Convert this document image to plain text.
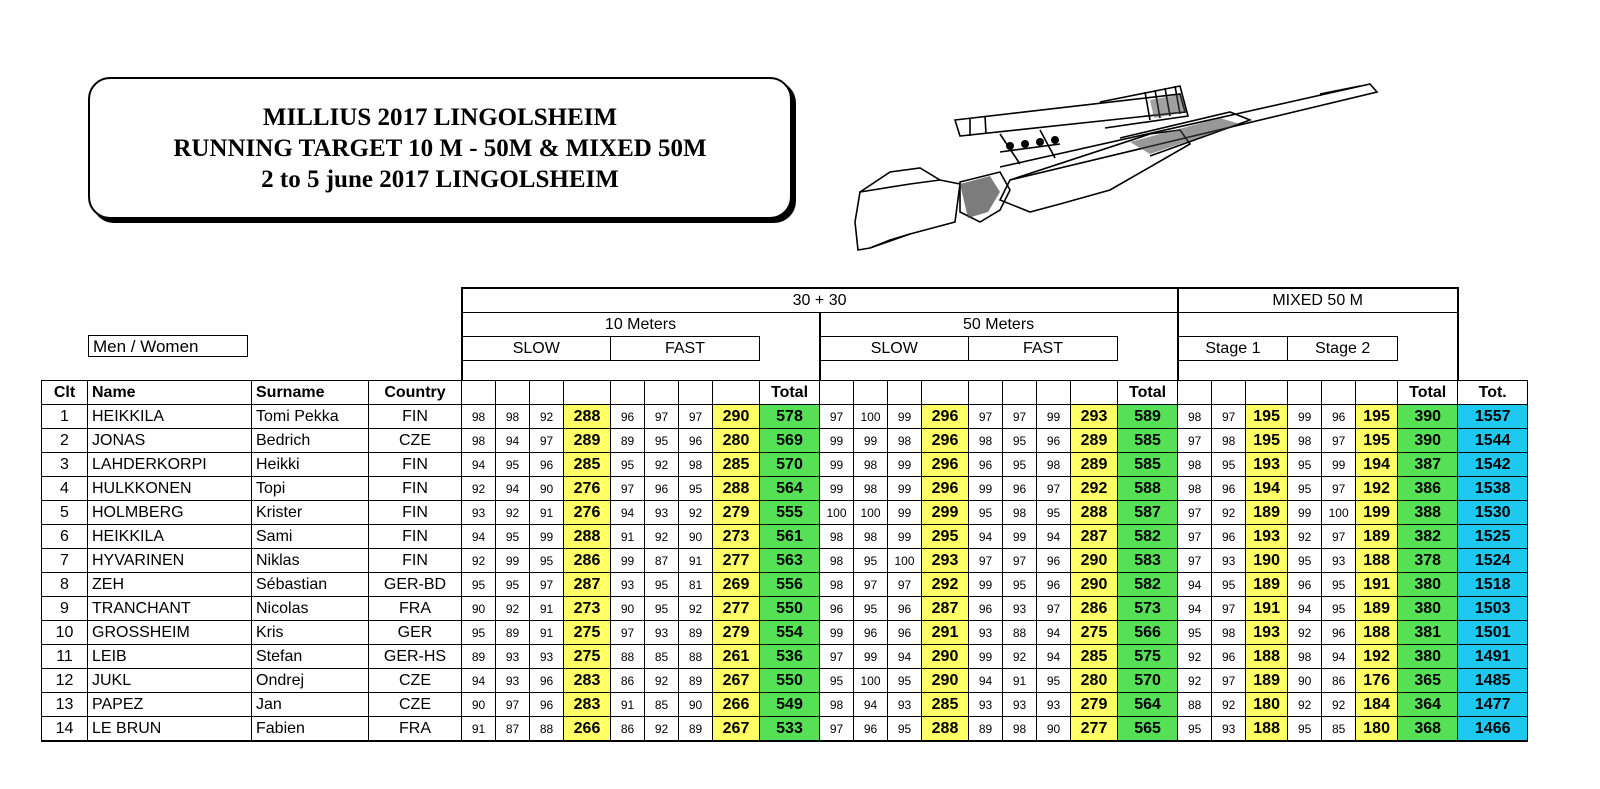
MILLIUS 2017 LINGOLSHEIM
RUNNING TARGET 10 M - 50M & MIXED 50M
2 to 5 june 2017 LINGOLSHEIM
Men / Women
				30 + 30																		MIXED 50 M							
				10 Meters									50 Meters																
				SLOW				FAST					SLOW				FAST					Stage 1			Stage 2				

Clt	Name	Surname	Country									Total									Total							Total	Tot.
1	HEIKKILA	Tomi Pekka	FIN	98	98	92	288	96	97	97	290	578	97	100	99	296	97	97	99	293	589	98	97	195	99	96	195	390	1557
2	JONAS	Bedrich	CZE	98	94	97	289	89	95	96	280	569	99	99	98	296	98	95	96	289	585	97	98	195	98	97	195	390	1544
3	LAHDERKORPI	Heikki	FIN	94	95	96	285	95	92	98	285	570	99	98	99	296	96	95	98	289	585	98	95	193	95	99	194	387	1542
4	HULKKONEN	Topi	FIN	92	94	90	276	97	96	95	288	564	99	98	99	296	99	96	97	292	588	98	96	194	95	97	192	386	1538
5	HOLMBERG	Krister	FIN	93	92	91	276	94	93	92	279	555	100	100	99	299	95	98	95	288	587	97	92	189	99	100	199	388	1530
6	HEIKKILA	Sami	FIN	94	95	99	288	91	92	90	273	561	98	98	99	295	94	99	94	287	582	97	96	193	92	97	189	382	1525
7	HYVARINEN	Niklas	FIN	92	99	95	286	99	87	91	277	563	98	95	100	293	97	97	96	290	583	97	93	190	95	93	188	378	1524
8	ZEH	Sébastian	GER-BD	95	95	97	287	93	95	81	269	556	98	97	97	292	99	95	96	290	582	94	95	189	96	95	191	380	1518
9	TRANCHANT	Nicolas	FRA	90	92	91	273	90	95	92	277	550	96	95	96	287	96	93	97	286	573	94	97	191	94	95	189	380	1503
10	GROSSHEIM	Kris	GER	95	89	91	275	97	93	89	279	554	99	96	96	291	93	88	94	275	566	95	98	193	92	96	188	381	1501
11	LEIB	Stefan	GER-HS	89	93	93	275	88	85	88	261	536	97	99	94	290	99	92	94	285	575	92	96	188	98	94	192	380	1491
12	JUKL	Ondrej	CZE	94	93	96	283	86	92	89	267	550	95	100	95	290	94	91	95	280	570	92	97	189	90	86	176	365	1485
13	PAPEZ	Jan	CZE	90	97	96	283	91	85	90	266	549	98	94	93	285	93	93	93	279	564	88	92	180	92	92	184	364	1477
14	LE BRUN	Fabien	FRA	91	87	88	266	86	92	89	267	533	97	96	95	288	89	98	90	277	565	95	93	188	95	85	180	368	1466
